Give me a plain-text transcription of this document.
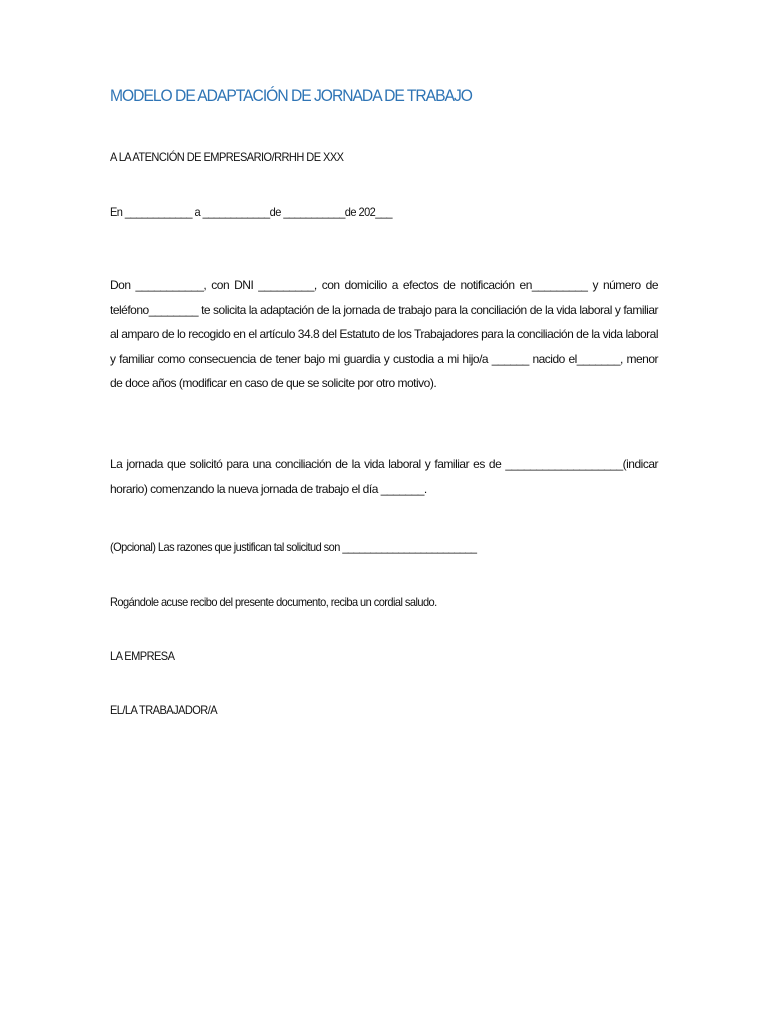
MODELO DE ADAPTACIÓN DE JORNADA DE TRABAJO
A LA ATENCIÓN DE EMPRESARIO/RRHH DE XXX
En ____________ a ____________de ___________de 202___

Don ___________, con DNI _________, con domicilio a efectos de notificación en_________ y número de teléfono________ te solicita la adaptación de la jornada de trabajo para la conciliación de la vida laboral y familiar al amparo de lo recogido en el artículo 34.8 del Estatuto de los Trabajadores para la conciliación de la vida laboral y familiar como consecuencia de tener bajo mi guardia y custodia a mi hijo/a ______ nacido el_______, menor de doce años (modificar en caso de que se solicite por otro motivo).

La jornada que solicitó para una conciliación de la vida laboral y familiar es de ___________________(indicar horario) comenzando la nueva jornada de trabajo el día _______.

(Opcional) Las razones que justifican tal solicitud son ________________________
Rogándole acuse recibo del presente documento, reciba un cordial saludo.
LA EMPRESA
EL/LA TRABAJADOR/A
